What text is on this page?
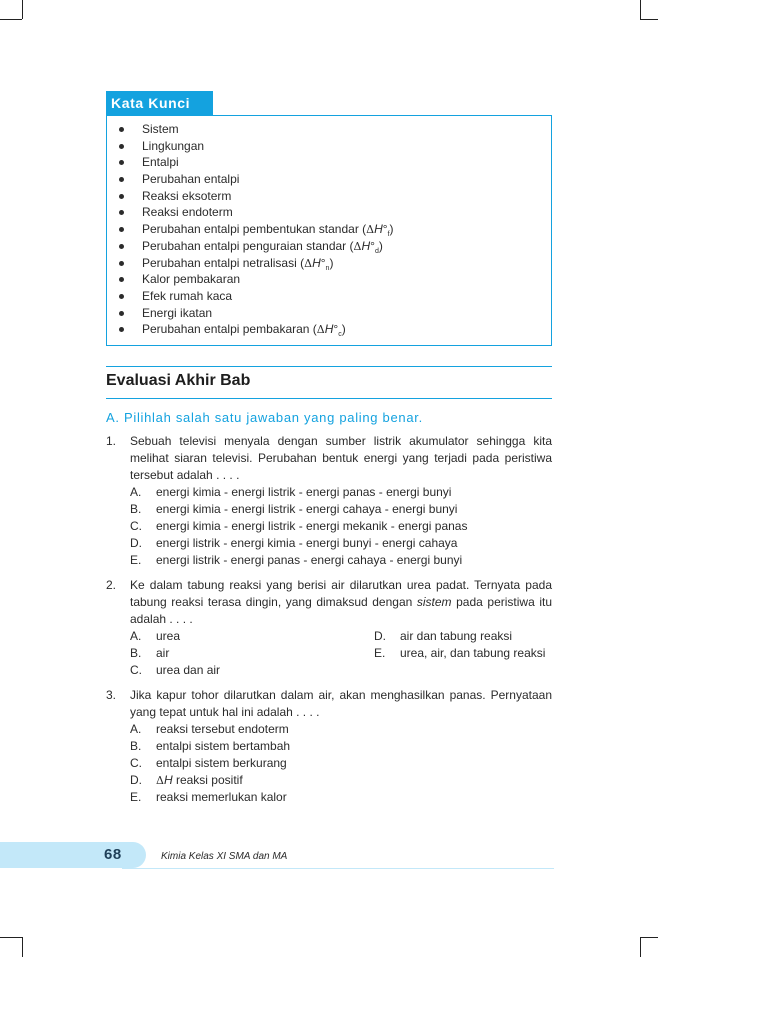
Kata Kunci
Sistem
Lingkungan
Entalpi
Perubahan entalpi
Reaksi eksoterm
Reaksi endoterm
Perubahan entalpi pembentukan standar $(\Delta H^\circ_f)$
Perubahan entalpi penguraian standar $(\Delta H^\circ_d)$
Perubahan entalpi netralisasi $(\Delta H^\circ_n)$
Kalor pembakaran
Efek rumah kaca
Energi ikatan
Perubahan entalpi pembakaran $(\Delta H^\circ_c)$
Evaluasi Akhir Bab
A. Pilihlah salah satu jawaban yang paling benar.
1. Sebuah televisi menyala dengan sumber listrik akumulator sehingga kita melihat siaran televisi. Perubahan bentuk energi yang terjadi pada peristiwa tersebut adalah . . . .
A. energi kimia - energi listrik - energi panas - energi bunyi
B. energi kimia - energi listrik - energi cahaya - energi bunyi
C. energi kimia - energi listrik - energi mekanik - energi panas
D. energi listrik - energi kimia - energi bunyi - energi cahaya
E. energi listrik - energi panas - energi cahaya - energi bunyi
2. Ke dalam tabung reaksi yang berisi air dilarutkan urea padat. Ternyata pada tabung reaksi terasa dingin, yang dimaksud dengan sistem pada peristiwa itu adalah . . . .
A. urea
B. air
C. urea dan air
D. air dan tabung reaksi
E. urea, air, dan tabung reaksi
3. Jika kapur tohor dilarutkan dalam air, akan menghasilkan panas. Pernyataan yang tepat untuk hal ini adalah . . . .
A. reaksi tersebut endoterm
B. entalpi sistem bertambah
C. entalpi sistem berkurang
D. ΔH reaksi positif
E. reaksi memerlukan kalor
68	Kimia Kelas XI SMA dan MA
